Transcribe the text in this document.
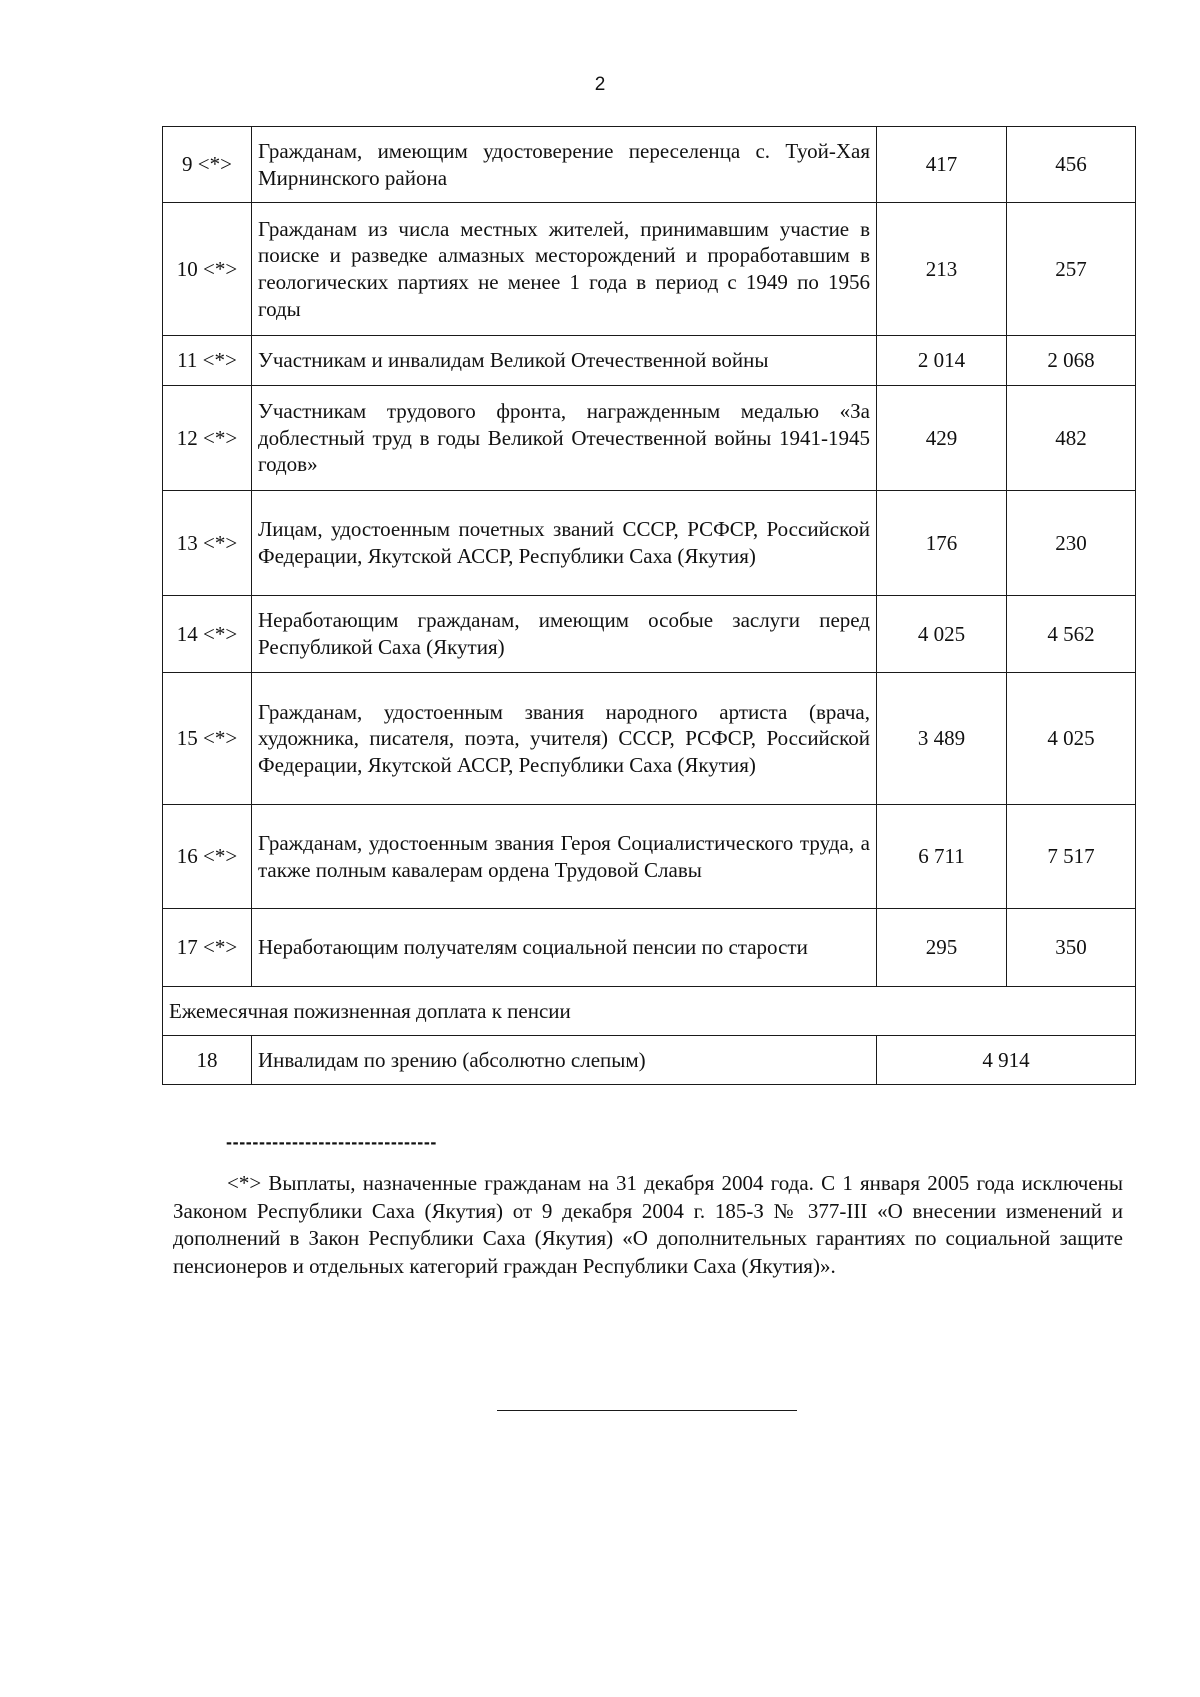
2
9 <*>	Гражданам, имеющим удостоверение переселенца с. Туой-Хая Мирнинского района	417	456
10 <*>	Гражданам из числа местных жителей, принимавшим участие в поиске и разведке алмазных месторождений и проработавшим в геологических партиях не менее 1 года в период с 1949 по 1956 годы	213	257
11 <*>	Участникам и инвалидам Великой Отечественной войны	2 014	2 068
12 <*>	Участникам трудового фронта, награжденным медалью «За доблестный труд в годы Великой Отечественной войны 1941-1945 годов»	429	482
13 <*>	Лицам, удостоенным почетных званий СССР, РСФСР, Российской Федерации, Якутской АССР, Республики Саха (Якутия)	176	230
14 <*>	Неработающим гражданам, имеющим особые заслуги перед Республикой Саха (Якутия)	4 025	4 562
15 <*>	Гражданам, удостоенным звания народного артиста (врача, художника, писателя, поэта, учителя) СССР, РСФСР, Российской Федерации, Якутской АССР, Республики Саха (Якутия)	3 489	4 025
16 <*>	Гражданам, удостоенным звания Героя Социалистического труда, а также полным кавалерам ордена Трудовой Славы	6 711	7 517
17 <*>	Неработающим получателям социальной пенсии по старости	295	350
Ежемесячная пожизненная доплата к пенсии			
18	Инвалидам по зрению (абсолютно слепым)	4 914	
--------------------------------

<*> Выплаты, назначенные гражданам на 31 декабря 2004 года. С 1 января 2005 года исключены Законом Республики Саха (Якутия) от 9 декабря 2004 г. 185-З № 377-III «О внесении изменений и дополнений в Закон Республики Саха (Якутия) «О дополнительных гарантиях по социальной защите пенсионеров и отдельных категорий граждан Республики Саха (Якутия)».
